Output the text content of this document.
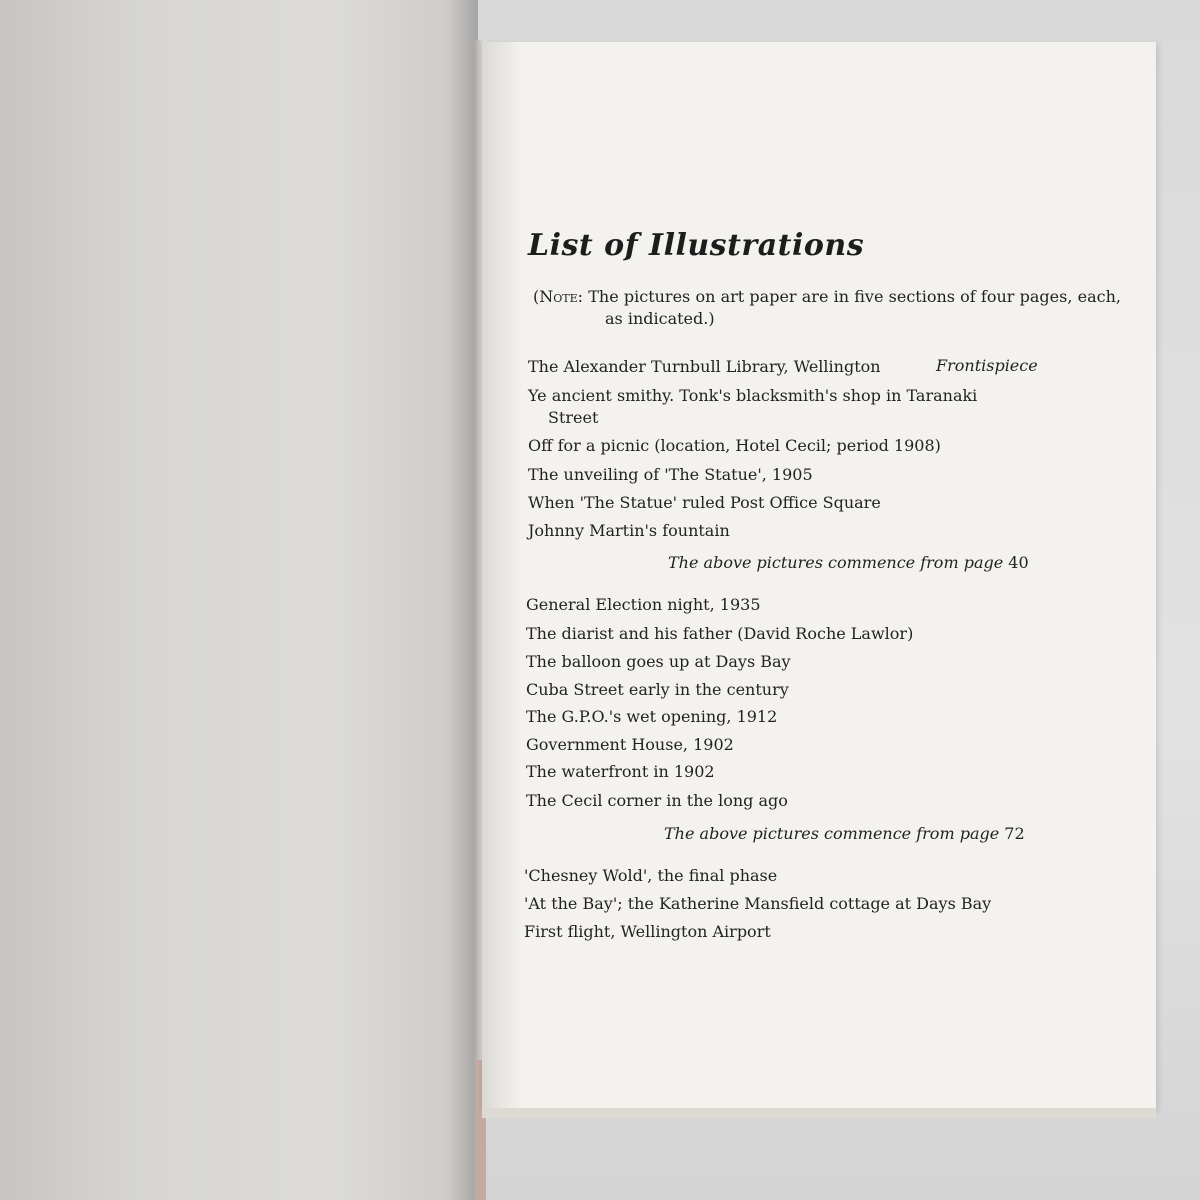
List of Illustrations
(Note: The pictures on art paper are in five sections of four pages, each, as indicated.)
The Alexander Turnbull Library, Wellington	Frontispiece
Ye ancient smithy. Tonk's blacksmith's shop in Taranaki
Street
Off for a picnic (location, Hotel Cecil; period 1908)
The unveiling of 'The Statue', 1905
When 'The Statue' ruled Post Office Square
Johnny Martin's fountain
The above pictures commence from page 40
General Election night, 1935
The diarist and his father (David Roche Lawlor)
The balloon goes up at Days Bay
Cuba Street early in the century
The G.P.O.'s wet opening, 1912
Government House, 1902
The waterfront in 1902
The Cecil corner in the long ago
The above pictures commence from page 72
'Chesney Wold', the final phase
'At the Bay'; the Katherine Mansfield cottage at Days Bay
First flight, Wellington Airport
